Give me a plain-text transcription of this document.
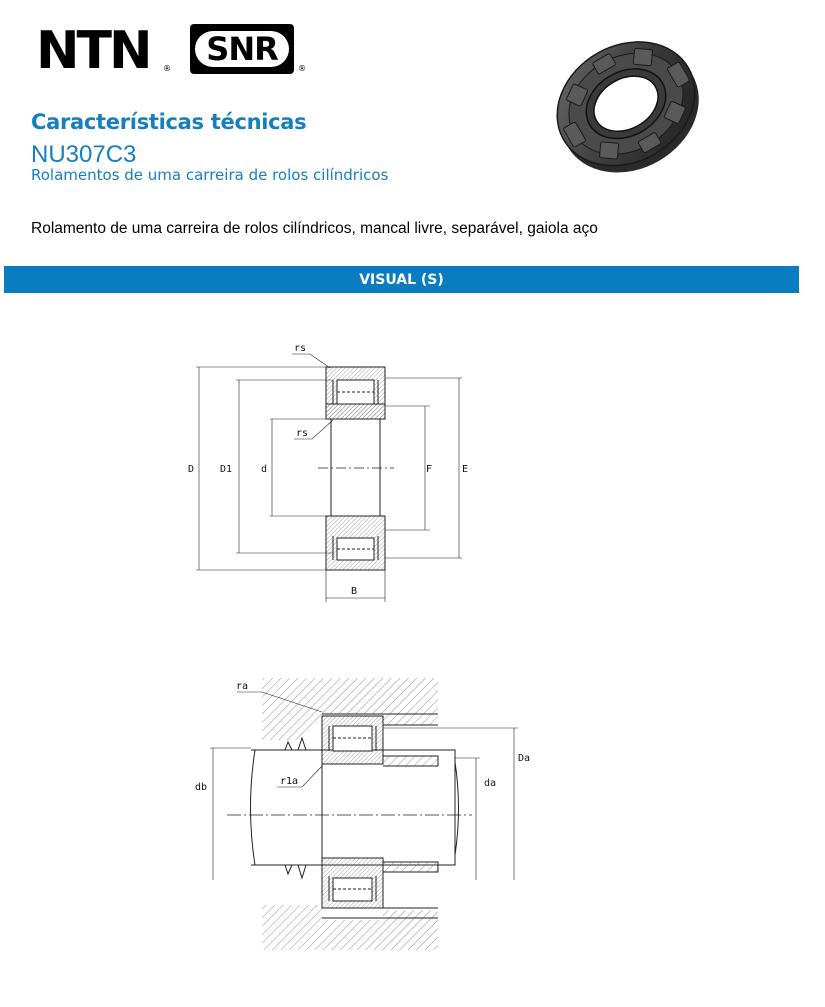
NTN ®
SNR
®
Características técnicas
NU307C3
Rolamentos de uma carreira de rolos cilíndricos
Rolamento de uma carreira de rolos cilíndricos, mancal livre, separável, gaiola aço
VISUAL (S)
rs
rs
D	D1	d	F	E
B
ra
r1a
db	da
Da
